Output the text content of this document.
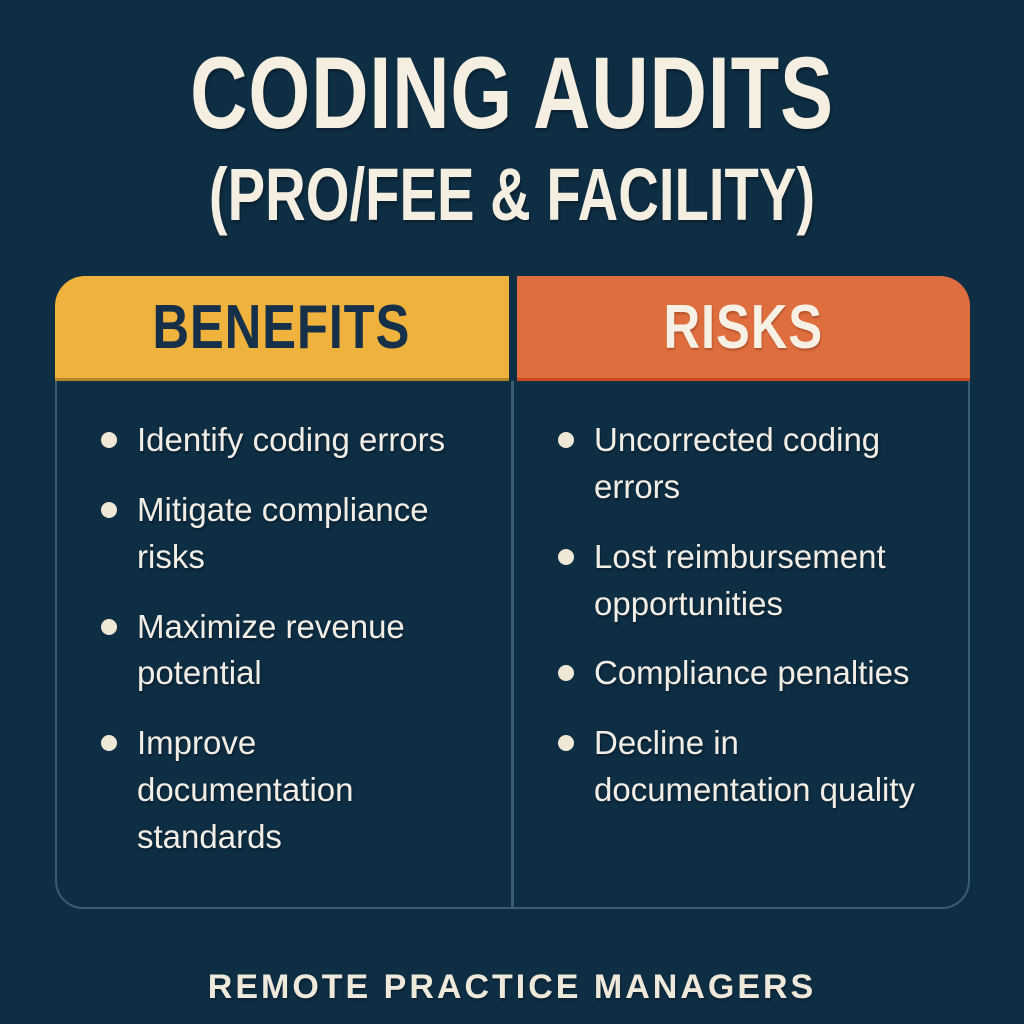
CODING AUDITS
(PRO/FEE & FACILITY)
BENEFITS	RISKS
Identify coding errors
Mitigate compliance risks
Maximize revenue potential
Improve documentation standards
Uncorrected coding errors
Lost reimbursement opportunities
Compliance penalties
Decline in documentation quality
REMOTE PRACTICE MANAGERS
